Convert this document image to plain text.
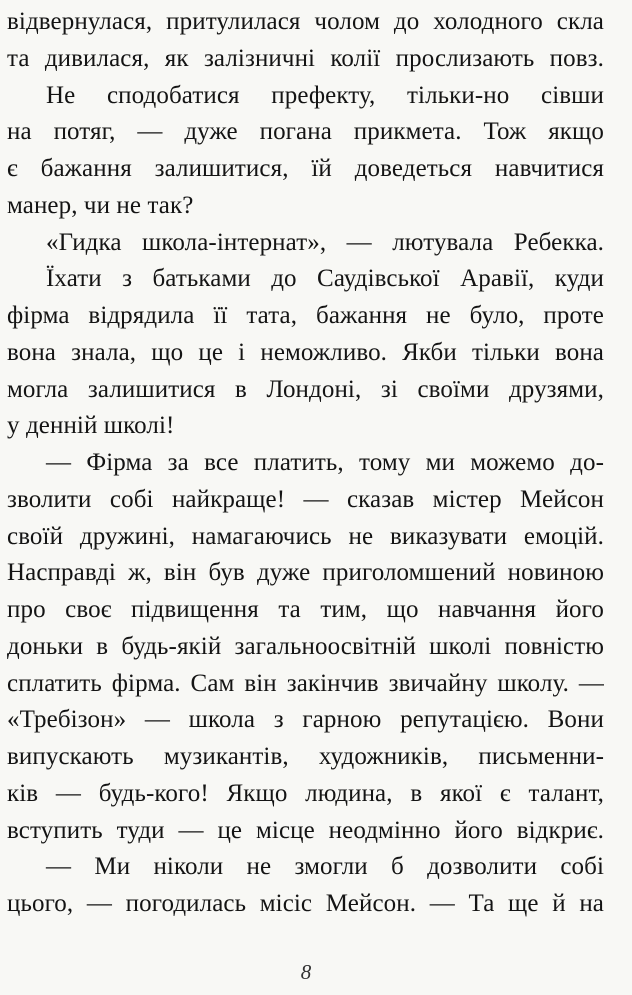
відвернулася, притулилася чолом до холодного скла
та дивилася, як залізничні колії прослизають повз.
Не сподобатися префекту, тільки-но сівши
на потяг, — дуже погана прикмета. Тож якщо
є бажання залишитися, їй доведеться навчитися
манер, чи не так?
«Гидка школа-інтернат», — лютувала Ребекка.
Їхати з батьками до Саудівської Аравії, куди
фірма відрядила її тата, бажання не було, проте
вона знала, що це і неможливо. Якби тільки вона
могла залишитися в Лондоні, зі своїми друзями,
у денній школі!
— Фірма за все платить, тому ми можемо до-
зволити собі найкраще! — сказав містер Мейсон
своїй дружині, намагаючись не виказувати емоцій.
Насправді ж, він був дуже приголомшений новиною
про своє підвищення та тим, що навчання його
доньки в будь-якій загальноосвітній школі повністю
сплатить фірма. Сам він закінчив звичайну школу. —
«Требізон» — школа з гарною репутацією. Вони
випускають музикантів, художників, письменни-
ків — будь-кого! Якщо людина, в якої є талант,
вступить туди — це місце неодмінно його відкриє.
— Ми ніколи не змогли б дозволити собі
цього, — погодилась місіс Мейсон. — Та ще й на
8
